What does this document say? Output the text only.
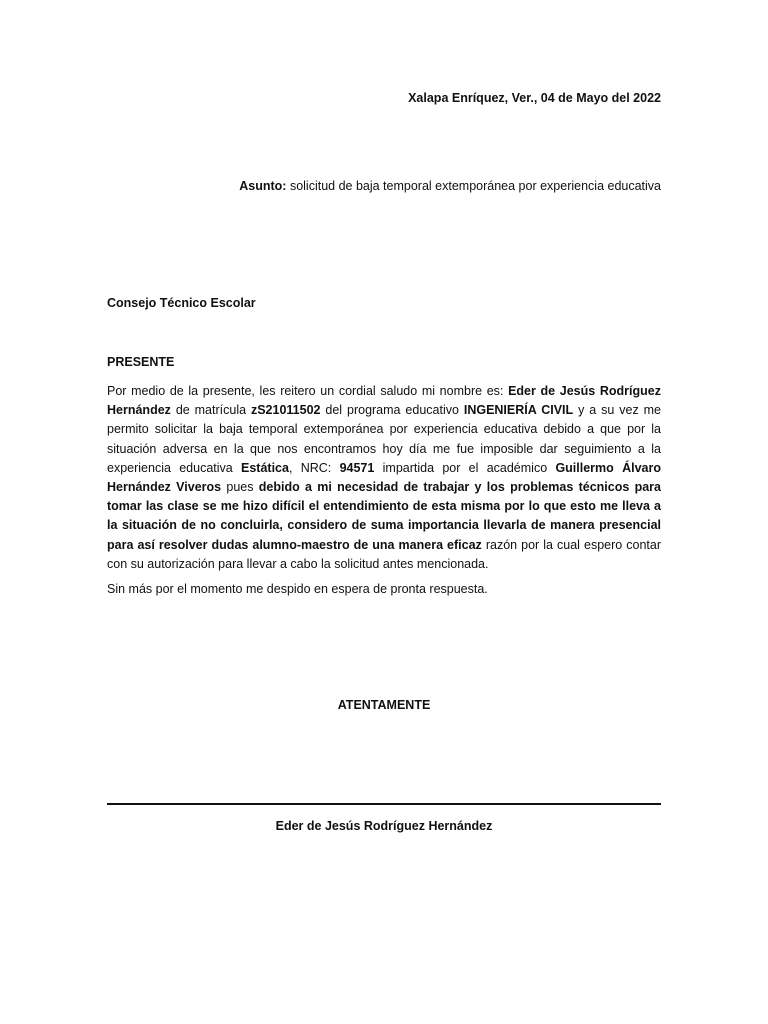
Xalapa Enríquez, Ver., 04 de Mayo del 2022
Asunto: solicitud de baja temporal extemporánea por experiencia educativa
Consejo Técnico Escolar
PRESENTE
Por medio de la presente, les reitero un cordial saludo mi nombre es: Eder de Jesús Rodríguez Hernández de matrícula zS21011502 del programa educativo INGENIERÍA CIVIL y a su vez me permito solicitar la baja temporal extemporánea por experiencia educativa debido a que por la situación adversa en la que nos encontramos hoy día me fue imposible dar seguimiento a la experiencia educativa Estática, NRC: 94571 impartida por el académico Guillermo Álvaro Hernández Viveros pues debido a mi necesidad de trabajar y los problemas técnicos para tomar las clase se me hizo difícil el entendimiento de esta misma por lo que esto me lleva a la situación de no concluirla, considero de suma importancia llevarla de manera presencial para así resolver dudas alumno-maestro de una manera eficaz razón por la cual espero contar con su autorización para llevar a cabo la solicitud antes mencionada.
Sin más por el momento me despido en espera de pronta respuesta.
ATENTAMENTE
Eder de Jesús Rodríguez Hernández
